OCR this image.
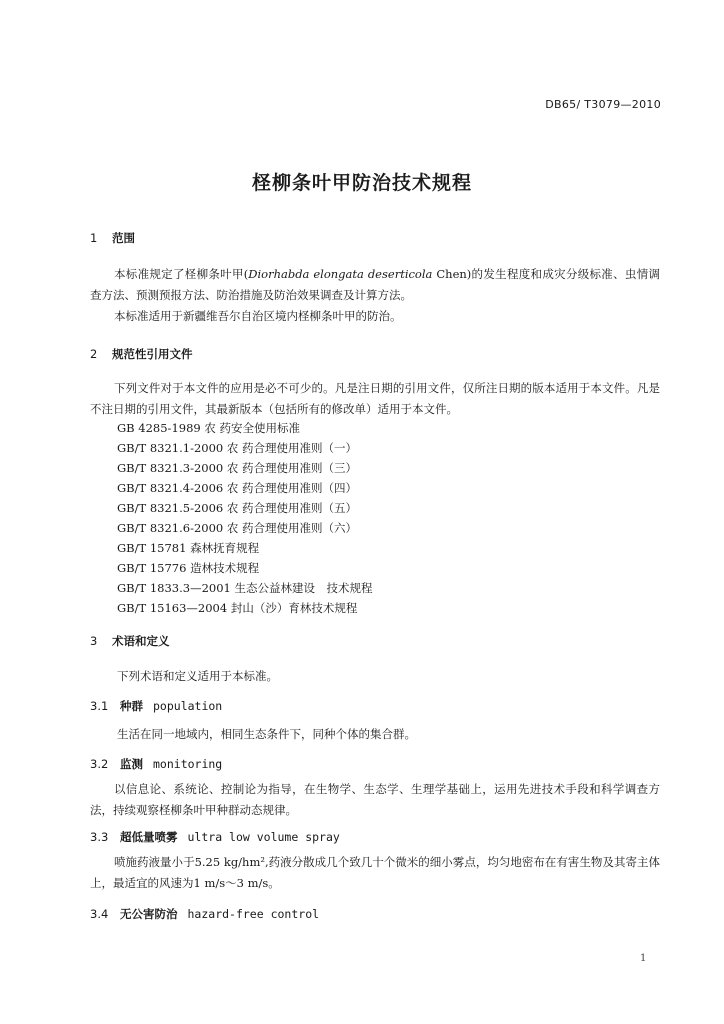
DB65/ T3079—2010
柽柳条叶甲防治技术规程
1 范围
本标准规定了柽柳条叶甲(Diorhabda elongata deserticola Chen)的发生程度和成灾分级标准、虫情调查方法、预测预报方法、防治措施及防治效果调查及计算方法。
本标准适用于新疆维吾尔自治区境内柽柳条叶甲的防治。
2 规范性引用文件
下列文件对于本文件的应用是必不可少的。凡是注日期的引用文件，仅所注日期的版本适用于本文件。凡是不注日期的引用文件，其最新版本（包括所有的修改单）适用于本文件。
GB 4285-1989 农 药安全使用标准
GB/T 8321.1-2000 农 药合理使用准则（一）
GB/T 8321.3-2000 农 药合理使用准则（三）
GB/T 8321.4-2006 农 药合理使用准则（四）
GB/T 8321.5-2006 农 药合理使用准则（五）
GB/T 8321.6-2000 农 药合理使用准则（六）
GB/T 15781 森林抚育规程
GB/T 15776 造林技术规程
GB/T 1833.3—2001 生态公益林建设　技术规程
GB/T 15163—2004 封山（沙）育林技术规程
3 术语和定义
下列术语和定义适用于本标准。
3.1 种群 population
生活在同一地域内，相同生态条件下，同种个体的集合群。
3.2 监测 monitoring
以信息论、系统论、控制论为指导，在生物学、生态学、生理学基础上，运用先进技术手段和科学调查方法，持续观察柽柳条叶甲种群动态规律。
3.3 超低量喷雾 ultra low volume spray
喷施药液量小于5.25 kg/hm²,药液分散成几个致几十个微米的细小雾点，均匀地密布在有害生物及其寄主体上，最适宜的风速为1 m/s～3 m/s。
3.4 无公害防治 hazard-free control
1
